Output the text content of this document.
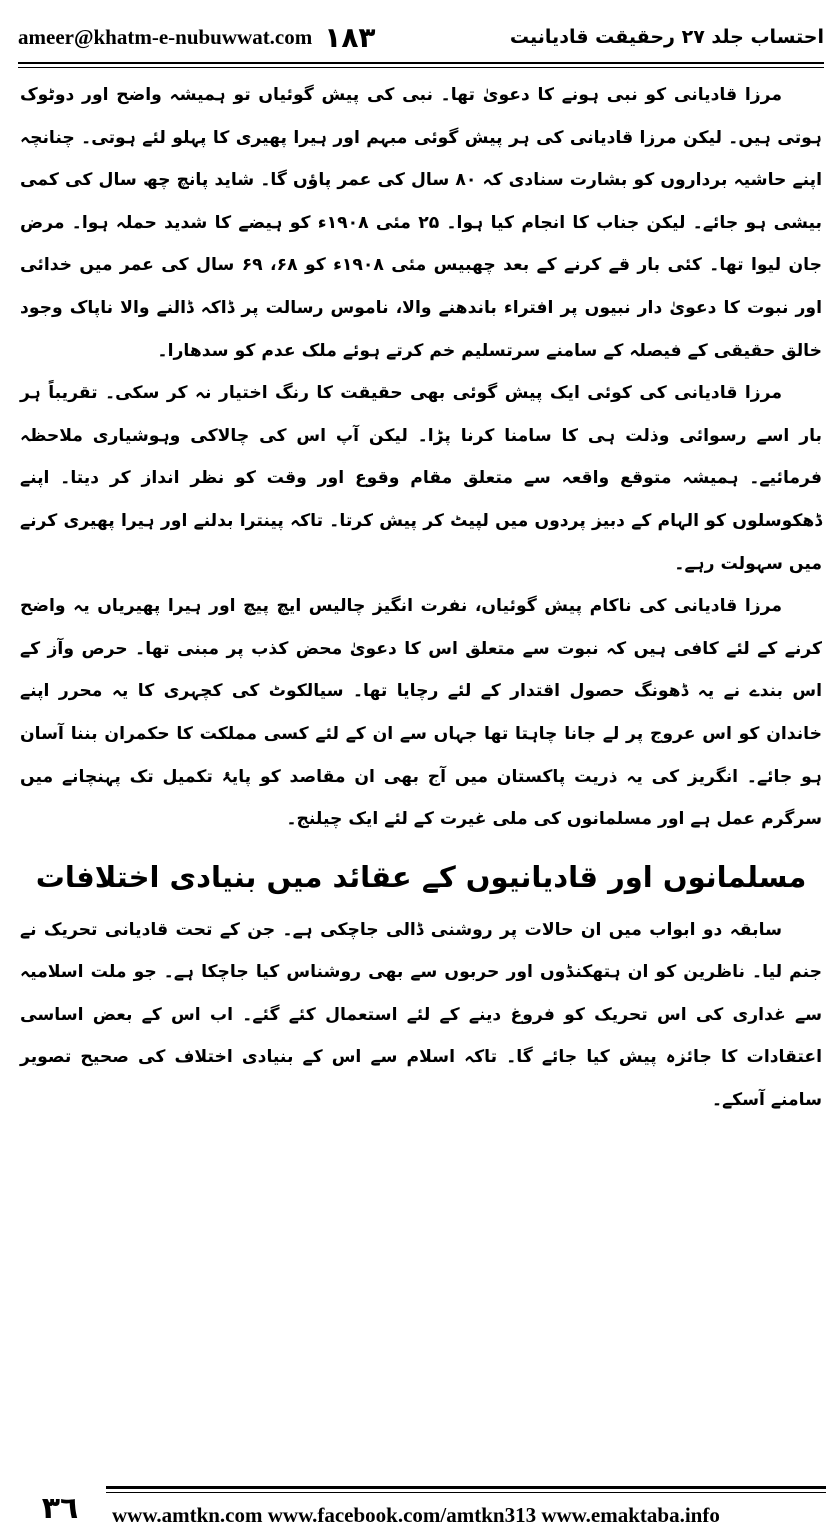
ameer@khatm-e-nubuwwat.com ١٨٣	احتساب جلد ۲۷ رحقیقت قادیانیت

مرزا قادیانی کو نبی ہونے کا دعویٰ تھا۔ نبی کی پیش گوئیاں تو ہمیشہ واضح اور دوٹوک ہوتی ہیں۔ لیکن مرزا قادیانی کی ہر پیش گوئی مبہم اور ہیرا پھیری کا پہلو لئے ہوتی۔ چنانچہ اپنے حاشیہ برداروں کو بشارت سنادی کہ ۸۰ سال کی عمر پاؤں گا۔ شاید پانچ چھ سال کی کمی بیشی ہو جائے۔ لیکن جناب کا انجام کیا ہوا۔ ۲۵ مئی ۱۹۰۸ء کو ہیضے کا شدید حملہ ہوا۔ مرض جان لیوا تھا۔ کئی بار قے کرنے کے بعد چھبیس مئی ۱۹۰۸ء کو ۶۸، ۶۹ سال کی عمر میں خدائی اور نبوت کا دعویٰ دار نبیوں پر افتراء باندھنے والا، ناموس رسالت پر ڈاکہ ڈالنے والا ناپاک وجود خالق حقیقی کے فیصلہ کے سامنے سرتسلیم خم کرتے ہوئے ملک عدم کو سدھارا۔

مرزا قادیانی کی کوئی ایک پیش گوئی بھی حقیقت کا رنگ اختیار نہ کر سکی۔ تقریباً ہر بار اسے رسوائی وذلت ہی کا سامنا کرنا پڑا۔ لیکن آپ اس کی چالاکی وہوشیاری ملاحظہ فرمائیے۔ ہمیشہ متوقع واقعہ سے متعلق مقام وقوع اور وقت کو نظر انداز کر دیتا۔ اپنے ڈھکوسلوں کو الہام کے دبیز پردوں میں لپیٹ کر پیش کرتا۔ تاکہ پینترا بدلنے اور ہیرا پھیری کرنے میں سہولت رہے۔

مرزا قادیانی کی ناکام پیش گوئیاں، نفرت انگیز چالیس ایچ پیچ اور ہیرا پھیریاں یہ واضح کرنے کے لئے کافی ہیں کہ نبوت سے متعلق اس کا دعویٰ محض کذب پر مبنی تھا۔ حرص وآز کے اس بندے نے یہ ڈھونگ حصول اقتدار کے لئے رچایا تھا۔ سیالکوٹ کی کچہری کا یہ محرر اپنے خاندان کو اس عروج پر لے جانا چاہتا تھا جہاں سے ان کے لئے کسی مملکت کا حکمران بننا آسان ہو جائے۔ انگریز کی یہ ذریت پاکستان میں آج بھی ان مقاصد کو پایۂ تکمیل تک پہنچانے میں سرگرم عمل ہے اور مسلمانوں کی ملی غیرت کے لئے ایک چیلنج۔

مسلمانوں اور قادیانیوں کے عقائد میں بنیادی اختلافات

سابقہ دو ابواب میں ان حالات پر روشنی ڈالی جاچکی ہے۔ جن کے تحت قادیانی تحریک نے جنم لیا۔ ناظرین کو ان ہتھکنڈوں اور حربوں سے بھی روشناس کیا جاچکا ہے۔ جو ملت اسلامیہ سے غداری کی اس تحریک کو فروغ دینے کے لئے استعمال کئے گئے۔ اب اس کے بعض اساسی اعتقادات کا جائزہ پیش کیا جائے گا۔ تاکہ اسلام سے اس کے بنیادی اختلاف کی صحیح تصویر سامنے آسکے۔

٣٦	www.amtkn.com www.facebook.com/amtkn313 www.emaktaba.info
